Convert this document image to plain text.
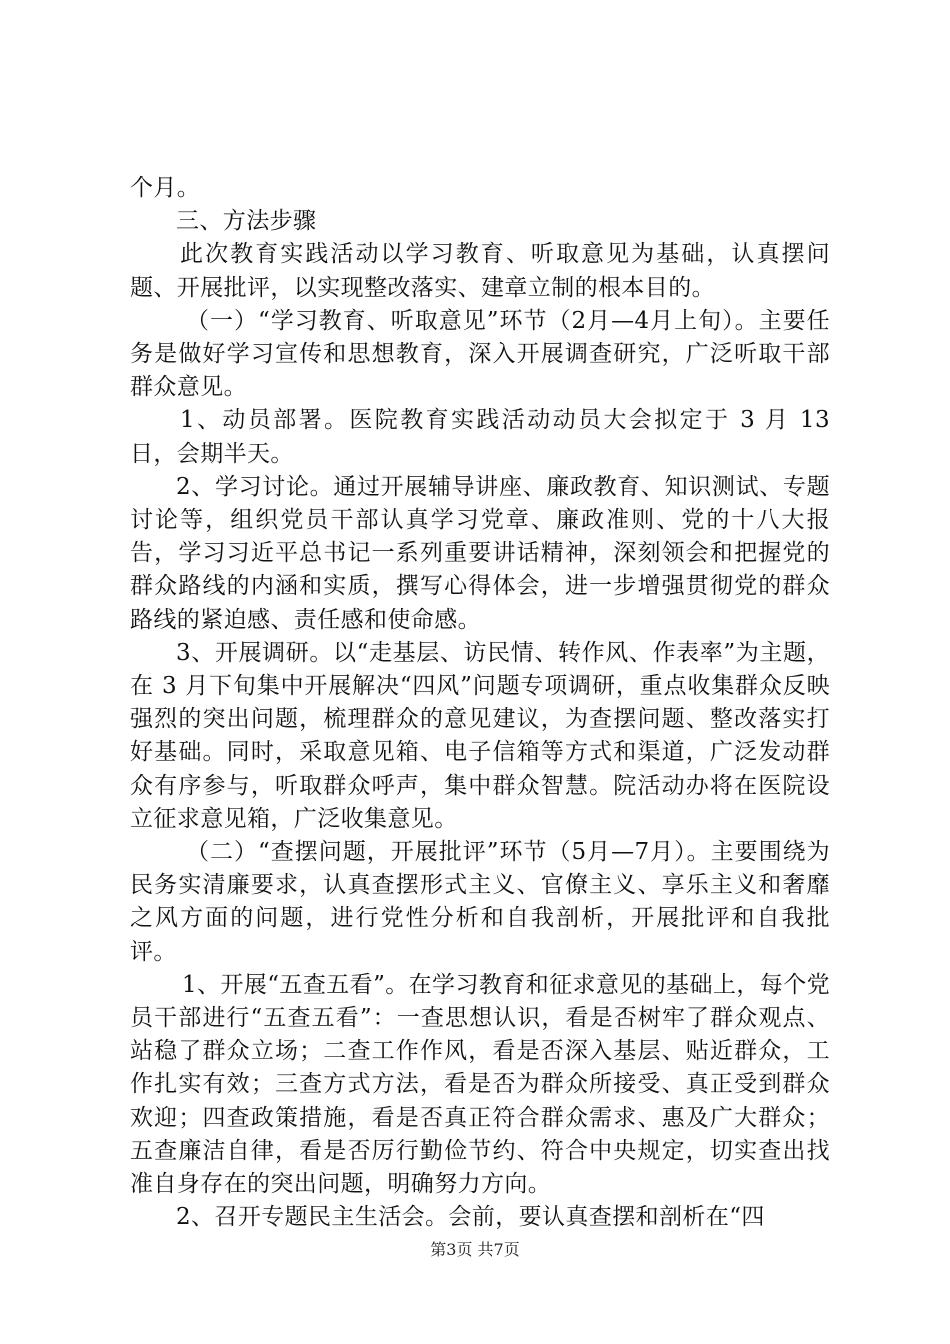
个月。

三、方法步骤

此次教育实践活动以学习教育、听取意见为基础，认真摆问题、开展批评，以实现整改落实、建章立制的根本目的。

（一）“学习教育、听取意见”环节（2月—4月上旬）。主要任务是做好学习宣传和思想教育，深入开展调查研究，广泛听取干部群众意见。

1、动员部署。医院教育实践活动动员大会拟定于 3 月 13 日，会期半天。

2、学习讨论。通过开展辅导讲座、廉政教育、知识测试、专题讨论等，组织党员干部认真学习党章、廉政准则、党的十八大报告，学习习近平总书记一系列重要讲话精神，深刻领会和把握党的群众路线的内涵和实质，撰写心得体会，进一步增强贯彻党的群众路线的紧迫感、责任感和使命感。

3、开展调研。以“走基层、访民情、转作风、作表率”为主题，在 3 月下旬集中开展解决“四风”问题专项调研，重点收集群众反映强烈的突出问题，梳理群众的意见建议，为查摆问题、整改落实打好基础。同时，采取意见箱、电子信箱等方式和渠道，广泛发动群众有序参与，听取群众呼声，集中群众智慧。院活动办将在医院设立征求意见箱，广泛收集意见。

（二）“查摆问题，开展批评”环节（5月—7月）。主要围绕为民务实清廉要求，认真查摆形式主义、官僚主义、享乐主义和奢靡之风方面的问题，进行党性分析和自我剖析，开展批评和自我批评。

1、开展“五查五看”。在学习教育和征求意见的基础上，每个党员干部进行“五查五看”：一查思想认识，看是否树牢了群众观点、站稳了群众立场；二查工作作风，看是否深入基层、贴近群众，工作扎实有效；三查方式方法，看是否为群众所接受、真正受到群众欢迎；四查政策措施，看是否真正符合群众需求、惠及广大群众；五查廉洁自律，看是否厉行勤俭节约、符合中央规定，切实查出找准自身存在的突出问题，明确努力方向。

2、召开专题民主生活会。会前，要认真查摆和剖析在“四

第3页 共7页
